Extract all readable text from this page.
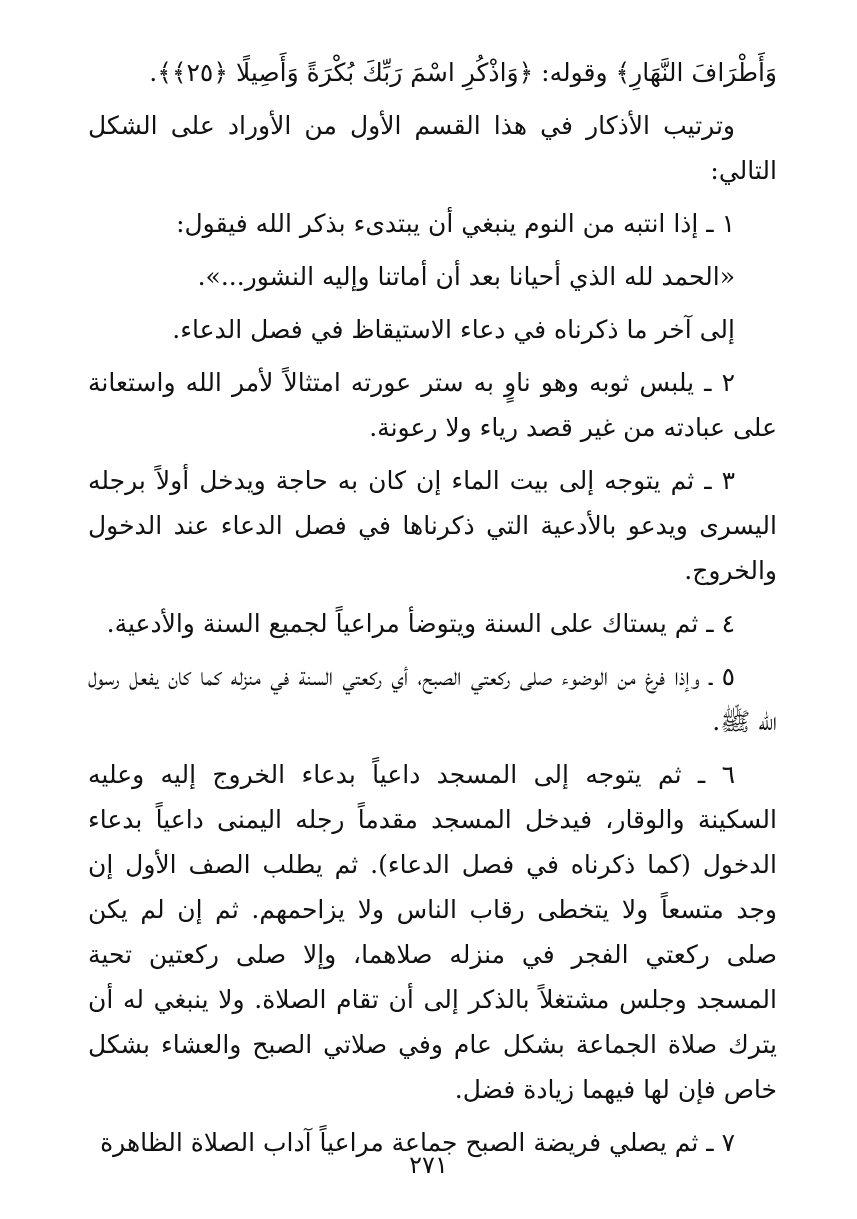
وَأَطْرَافَ النَّهَارِ﴾ وقوله: ﴿وَاذْكُرِ اسْمَ رَبِّكَ بُكْرَةً وَأَصِيلًا ﴿٢٥﴾﴾.

وترتيب الأذكار في هذا القسم الأول من الأوراد على الشكل التالي:

١ ـ إذا انتبه من النوم ينبغي أن يبتدىء بذكر الله فيقول:

«الحمد لله الذي أحيانا بعد أن أماتنا وإليه النشور...».

إلى آخر ما ذكرناه في دعاء الاستيقاظ في فصل الدعاء.

٢ ـ يلبس ثوبه وهو ناوٍ به ستر عورته امتثالاً لأمر الله واستعانة على عبادته من غير قصد رياء ولا رعونة.

٣ ـ ثم يتوجه إلى بيت الماء إن كان به حاجة ويدخل أولاً برجله اليسرى ويدعو بالأدعية التي ذكرناها في فصل الدعاء عند الدخول والخروج.

٤ ـ ثم يستاك على السنة ويتوضأ مراعياً لجميع السنة والأدعية.

٥ ـ وإذا فرغ من الوضوء صلى ركعتي الصبح، أي ركعتي السنة في منزله كما كان يفعل رسول الله ﷺ.

٦ ـ ثم يتوجه إلى المسجد داعياً بدعاء الخروج إليه وعليه السكينة والوقار، فيدخل المسجد مقدماً رجله اليمنى داعياً بدعاء الدخول (كما ذكرناه في فصل الدعاء). ثم يطلب الصف الأول إن وجد متسعاً ولا يتخطى رقاب الناس ولا يزاحمهم. ثم إن لم يكن صلى ركعتي الفجر في منزله صلاهما، وإلا صلى ركعتين تحية المسجد وجلس مشتغلاً بالذكر إلى أن تقام الصلاة. ولا ينبغي له أن يترك صلاة الجماعة بشكل عام وفي صلاتي الصبح والعشاء بشكل خاص فإن لها فيهما زيادة فضل.

٧ ـ ثم يصلي فريضة الصبح جماعة مراعياً آداب الصلاة الظاهرة

٢٧١
